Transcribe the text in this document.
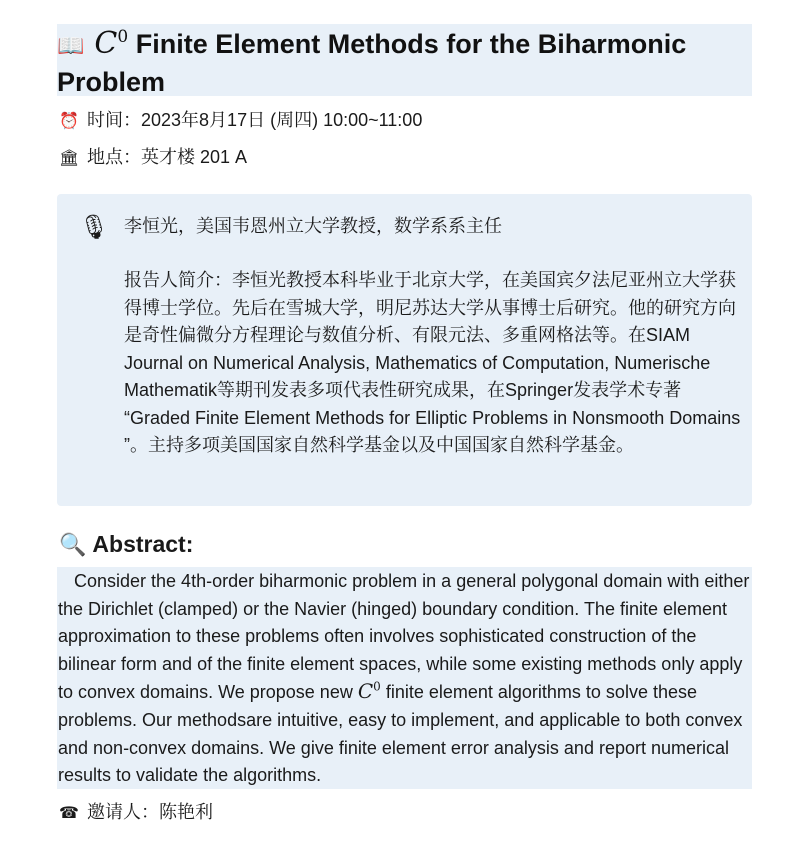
📖 $C^0$ Finite Element Methods for the Biharmonic Problem
⏰ 时间：2023年8月17日 (周四) 10:00~11:00
🏛 地点：英才楼 201 A
🎙 李恒光，美国韦恩州立大学教授，数学系系主任
报告人简介：李恒光教授本科毕业于北京大学，在美国宾夕法尼亚州立大学获得博士学位。先后在雪城大学，明尼苏达大学从事博士后研究。他的研究方向是奇性偏微分方程理论与数值分析、有限元法、多重网格法等。在SIAM Journal on Numerical Analysis, Mathematics of Computation, Numerische Mathematik等期刊发表多项代表性研究成果，在Springer发表学术专著 “Graded Finite Element Methods for Elliptic Problems in Nonsmooth Domains ”。主持多项美国国家自然科学基金以及中国国家自然科学基金。
🔍 Abstract:

Consider the 4th-order biharmonic problem in a general polygonal domain with either the Dirichlet (clamped) or the Navier (hinged) boundary condition. The finite element approximation to these problems often involves sophisticated construction of the bilinear form and of the finite element spaces, while some existing methods only apply to convex domains. We propose new $C^0$ finite element algorithms to solve these problems. Our methodsare intuitive, easy to implement, and applicable to both convex and non-convex domains. We give finite element error analysis and report numerical results to validate the algorithms.

☎ 邀请人：陈艳利
